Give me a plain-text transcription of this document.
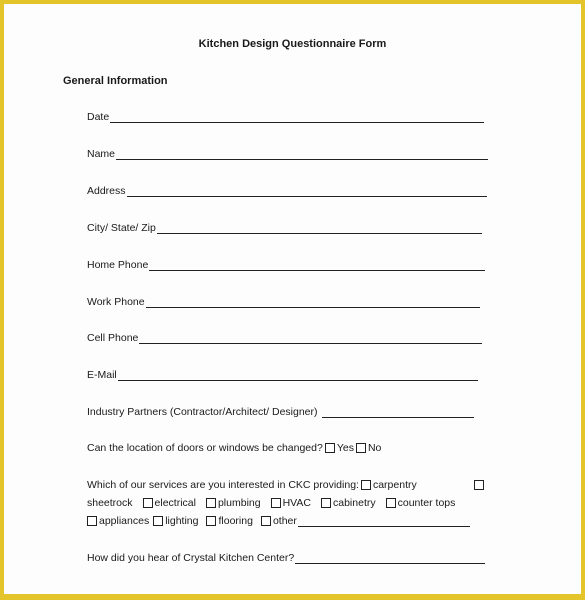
Kitchen Design Questionnaire Form
General Information
Date
Name
Address
City/ State/ Zip
Home Phone
Work Phone
Cell Phone
E-Mail
Industry Partners (Contractor/Architect/ Designer)
Can the location of doors or windows be changed? Yes No
Which of our services are you interested in CKC providing: carpentry
sheetrock electrical plumbing HVAC cabinetry counter tops
appliances lighting flooring other
How did you hear of Crystal Kitchen Center?
